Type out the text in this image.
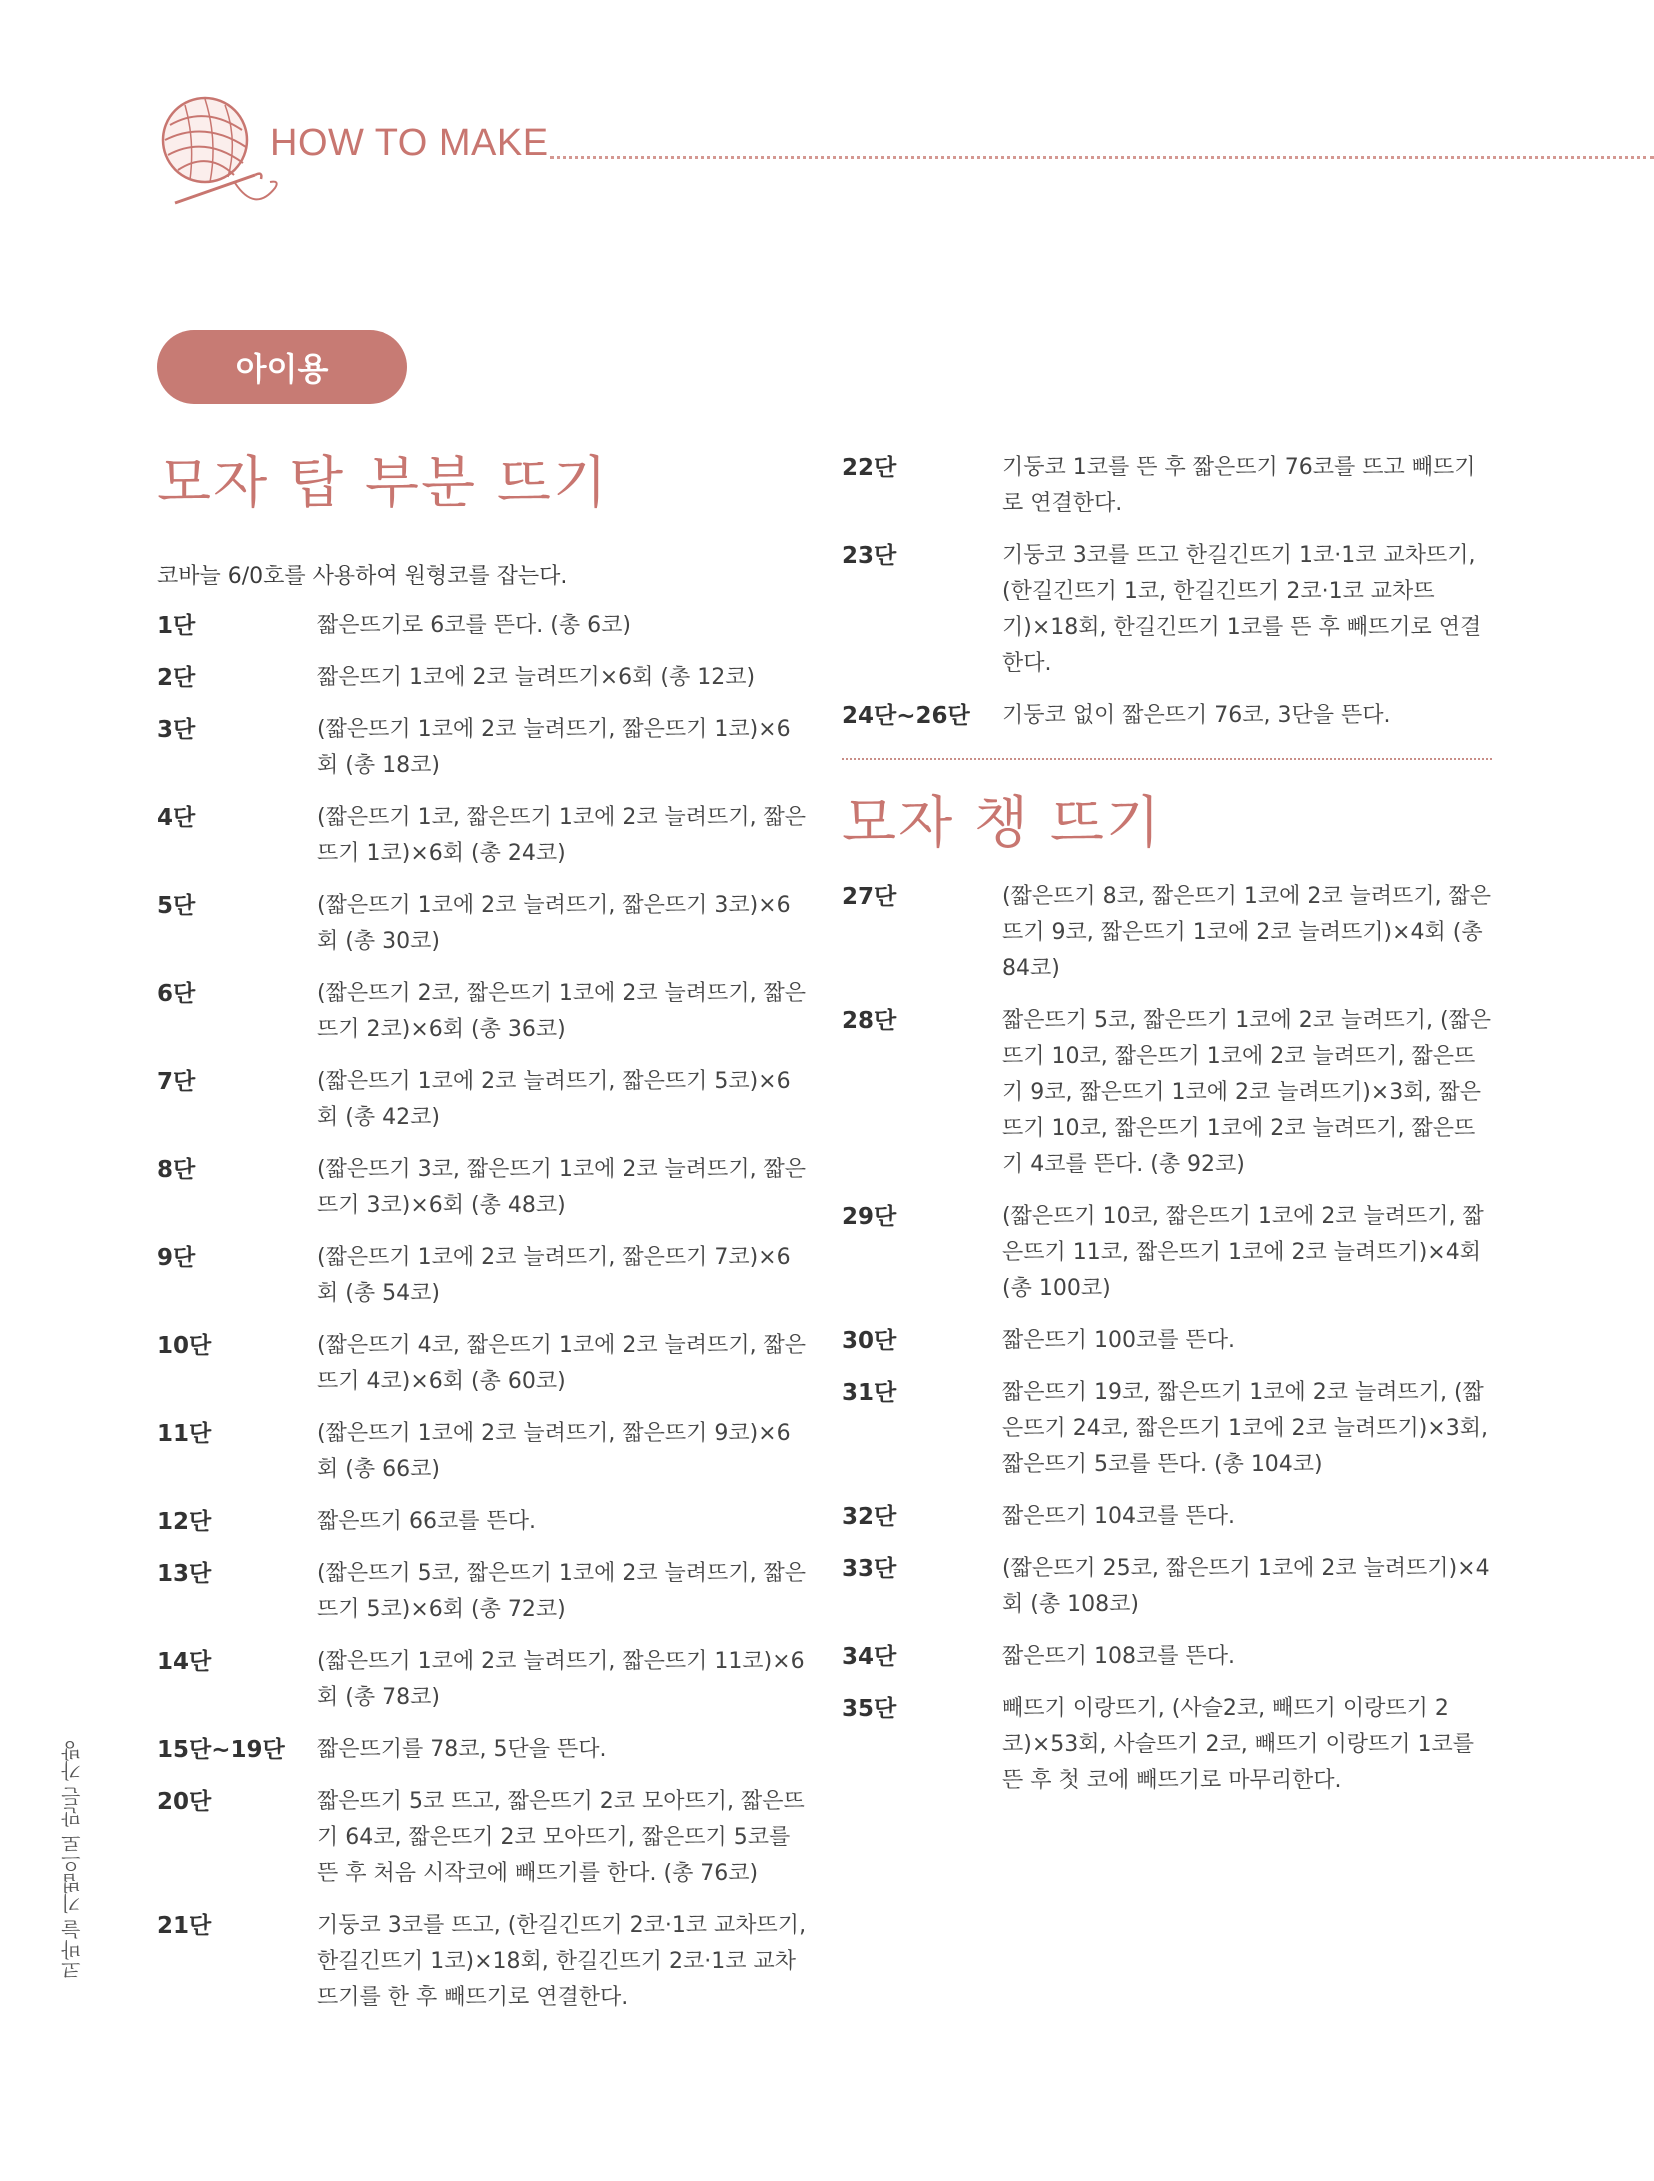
HOW TO MAKE
아이용
모자 탑 부분 뜨기
코바늘 6/0호를 사용하여 원형코를 잡는다.
1단	짧은뜨기로 6코를 뜬다. (총 6코)
2단	짧은뜨기 1코에 2코 늘려뜨기×6회 (총 12코)
3단	(짧은뜨기 1코에 2코 늘려뜨기, 짧은뜨기 1코)×6회 (총 18코)
4단	(짧은뜨기 1코, 짧은뜨기 1코에 2코 늘려뜨기, 짧은뜨기 1코)×6회 (총 24코)
5단	(짧은뜨기 1코에 2코 늘려뜨기, 짧은뜨기 3코)×6회 (총 30코)
6단	(짧은뜨기 2코, 짧은뜨기 1코에 2코 늘려뜨기, 짧은뜨기 2코)×6회 (총 36코)
7단	(짧은뜨기 1코에 2코 늘려뜨기, 짧은뜨기 5코)×6회 (총 42코)
8단	(짧은뜨기 3코, 짧은뜨기 1코에 2코 늘려뜨기, 짧은뜨기 3코)×6회 (총 48코)
9단	(짧은뜨기 1코에 2코 늘려뜨기, 짧은뜨기 7코)×6회 (총 54코)
10단	(짧은뜨기 4코, 짧은뜨기 1코에 2코 늘려뜨기, 짧은뜨기 4코)×6회 (총 60코)
11단	(짧은뜨기 1코에 2코 늘려뜨기, 짧은뜨기 9코)×6회 (총 66코)
12단	짧은뜨기 66코를 뜬다.
13단	(짧은뜨기 5코, 짧은뜨기 1코에 2코 늘려뜨기, 짧은뜨기 5코)×6회 (총 72코)
14단	(짧은뜨기 1코에 2코 늘려뜨기, 짧은뜨기 11코)×6회 (총 78코)
15단~19단	짧은뜨기를 78코, 5단을 뜬다.
20단	짧은뜨기 5코 뜨고, 짧은뜨기 2코 모아뜨기, 짧은뜨기 64코, 짧은뜨기 2코 모아뜨기, 짧은뜨기 5코를 뜬 후 처음 시작코에 빼뜨기를 한다. (총 76코)
21단	기둥코 3코를 뜨고, (한길긴뜨기 2코·1코 교차뜨기, 한길긴뜨기 1코)×18회, 한길긴뜨기 2코·1코 교차뜨기를 한 후 빼뜨기로 연결한다.
22단	기둥코 1코를 뜬 후 짧은뜨기 76코를 뜨고 빼뜨기로 연결한다.
23단	기둥코 3코를 뜨고 한길긴뜨기 1코·1코 교차뜨기, (한길긴뜨기 1코, 한길긴뜨기 2코·1코 교차뜨기)×18회, 한길긴뜨기 1코를 뜬 후 빼뜨기로 연결한다.
24단~26단	기둥코 없이 짧은뜨기 76코, 3단을 뜬다.
모자 챙 뜨기
27단	(짧은뜨기 8코, 짧은뜨기 1코에 2코 늘려뜨기, 짧은뜨기 9코, 짧은뜨기 1코에 2코 늘려뜨기)×4회 (총 84코)
28단	짧은뜨기 5코, 짧은뜨기 1코에 2코 늘려뜨기, (짧은뜨기 10코, 짧은뜨기 1코에 2코 늘려뜨기, 짧은뜨기 9코, 짧은뜨기 1코에 2코 늘려뜨기)×3회, 짧은뜨기 10코, 짧은뜨기 1코에 2코 늘려뜨기, 짧은뜨기 4코를 뜬다. (총 92코)
29단	(짧은뜨기 10코, 짧은뜨기 1코에 2코 늘려뜨기, 짧은뜨기 11코, 짧은뜨기 1코에 2코 늘려뜨기)×4회 (총 100코)
30단	짧은뜨기 100코를 뜬다.
31단	짧은뜨기 19코, 짧은뜨기 1코에 2코 늘려뜨기, (짧은뜨기 24코, 짧은뜨기 1코에 2코 늘려뜨기)×3회, 짧은뜨기 5코를 뜬다. (총 104코)
32단	짧은뜨기 104코를 뜬다.
33단	(짧은뜨기 25코, 짧은뜨기 1코에 2코 늘려뜨기)×4회 (총 108코)
34단	짧은뜨기 108코를 뜬다.
35단	빼뜨기 이랑뜨기, (사슬2코, 빼뜨기 이랑뜨기 2코)×53회, 사슬뜨기 2코, 빼뜨기 이랑뜨기 1코를 뜬 후 첫 코에 빼뜨기로 마무리한다.
코바늘 기법으로 만든 가방
